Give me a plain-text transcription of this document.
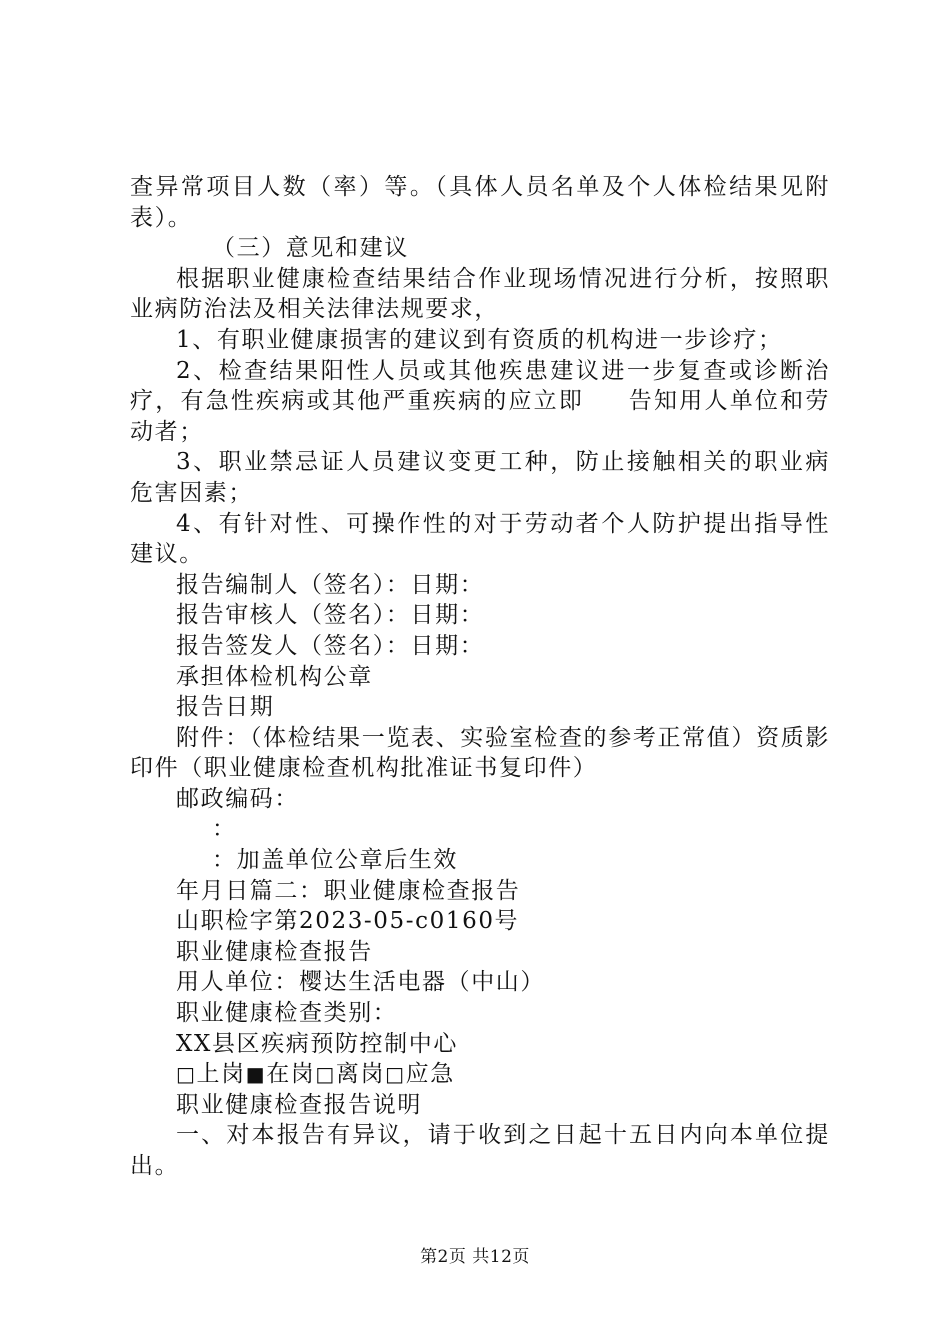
查异常项目人数（率）等。（具体人员名单及个人体检结果见附表）。

（三）意见和建议

根据职业健康检查结果结合作业现场情况进行分析，按照职业病防治法及相关法律法规要求，

1、有职业健康损害的建议到有资质的机构进一步诊疗；

2、检查结果阳性人员或其他疾患建议进一步复查或诊断治疗，有急性疾病或其他严重疾病的应立即 告知用人单位和劳动者；

3、职业禁忌证人员建议变更工种，防止接触相关的职业病危害因素；

4、有针对性、可操作性的对于劳动者个人防护提出指导性建议。

报告编制人（签名）：日期：

报告审核人（签名）：日期：

报告签发人（签名）：日期：

承担体检机构公章

报告日期

附件：（体检结果一览表、实验室检查的参考正常值）资质影印件（职业健康检查机构批准证书复印件）

邮政编码：

：

：加盖单位公章后生效

年月日篇二：职业健康检查报告

山职检字第2023-05-c0160号

职业健康检查报告

用人单位：樱达生活电器（中山）

职业健康检查类别：

XX县区疾病预防控制中心

□上岗■在岗□离岗□应急

职业健康检查报告说明

一、对本报告有异议，请于收到之日起十五日内向本单位提出。

第2页 共12页
